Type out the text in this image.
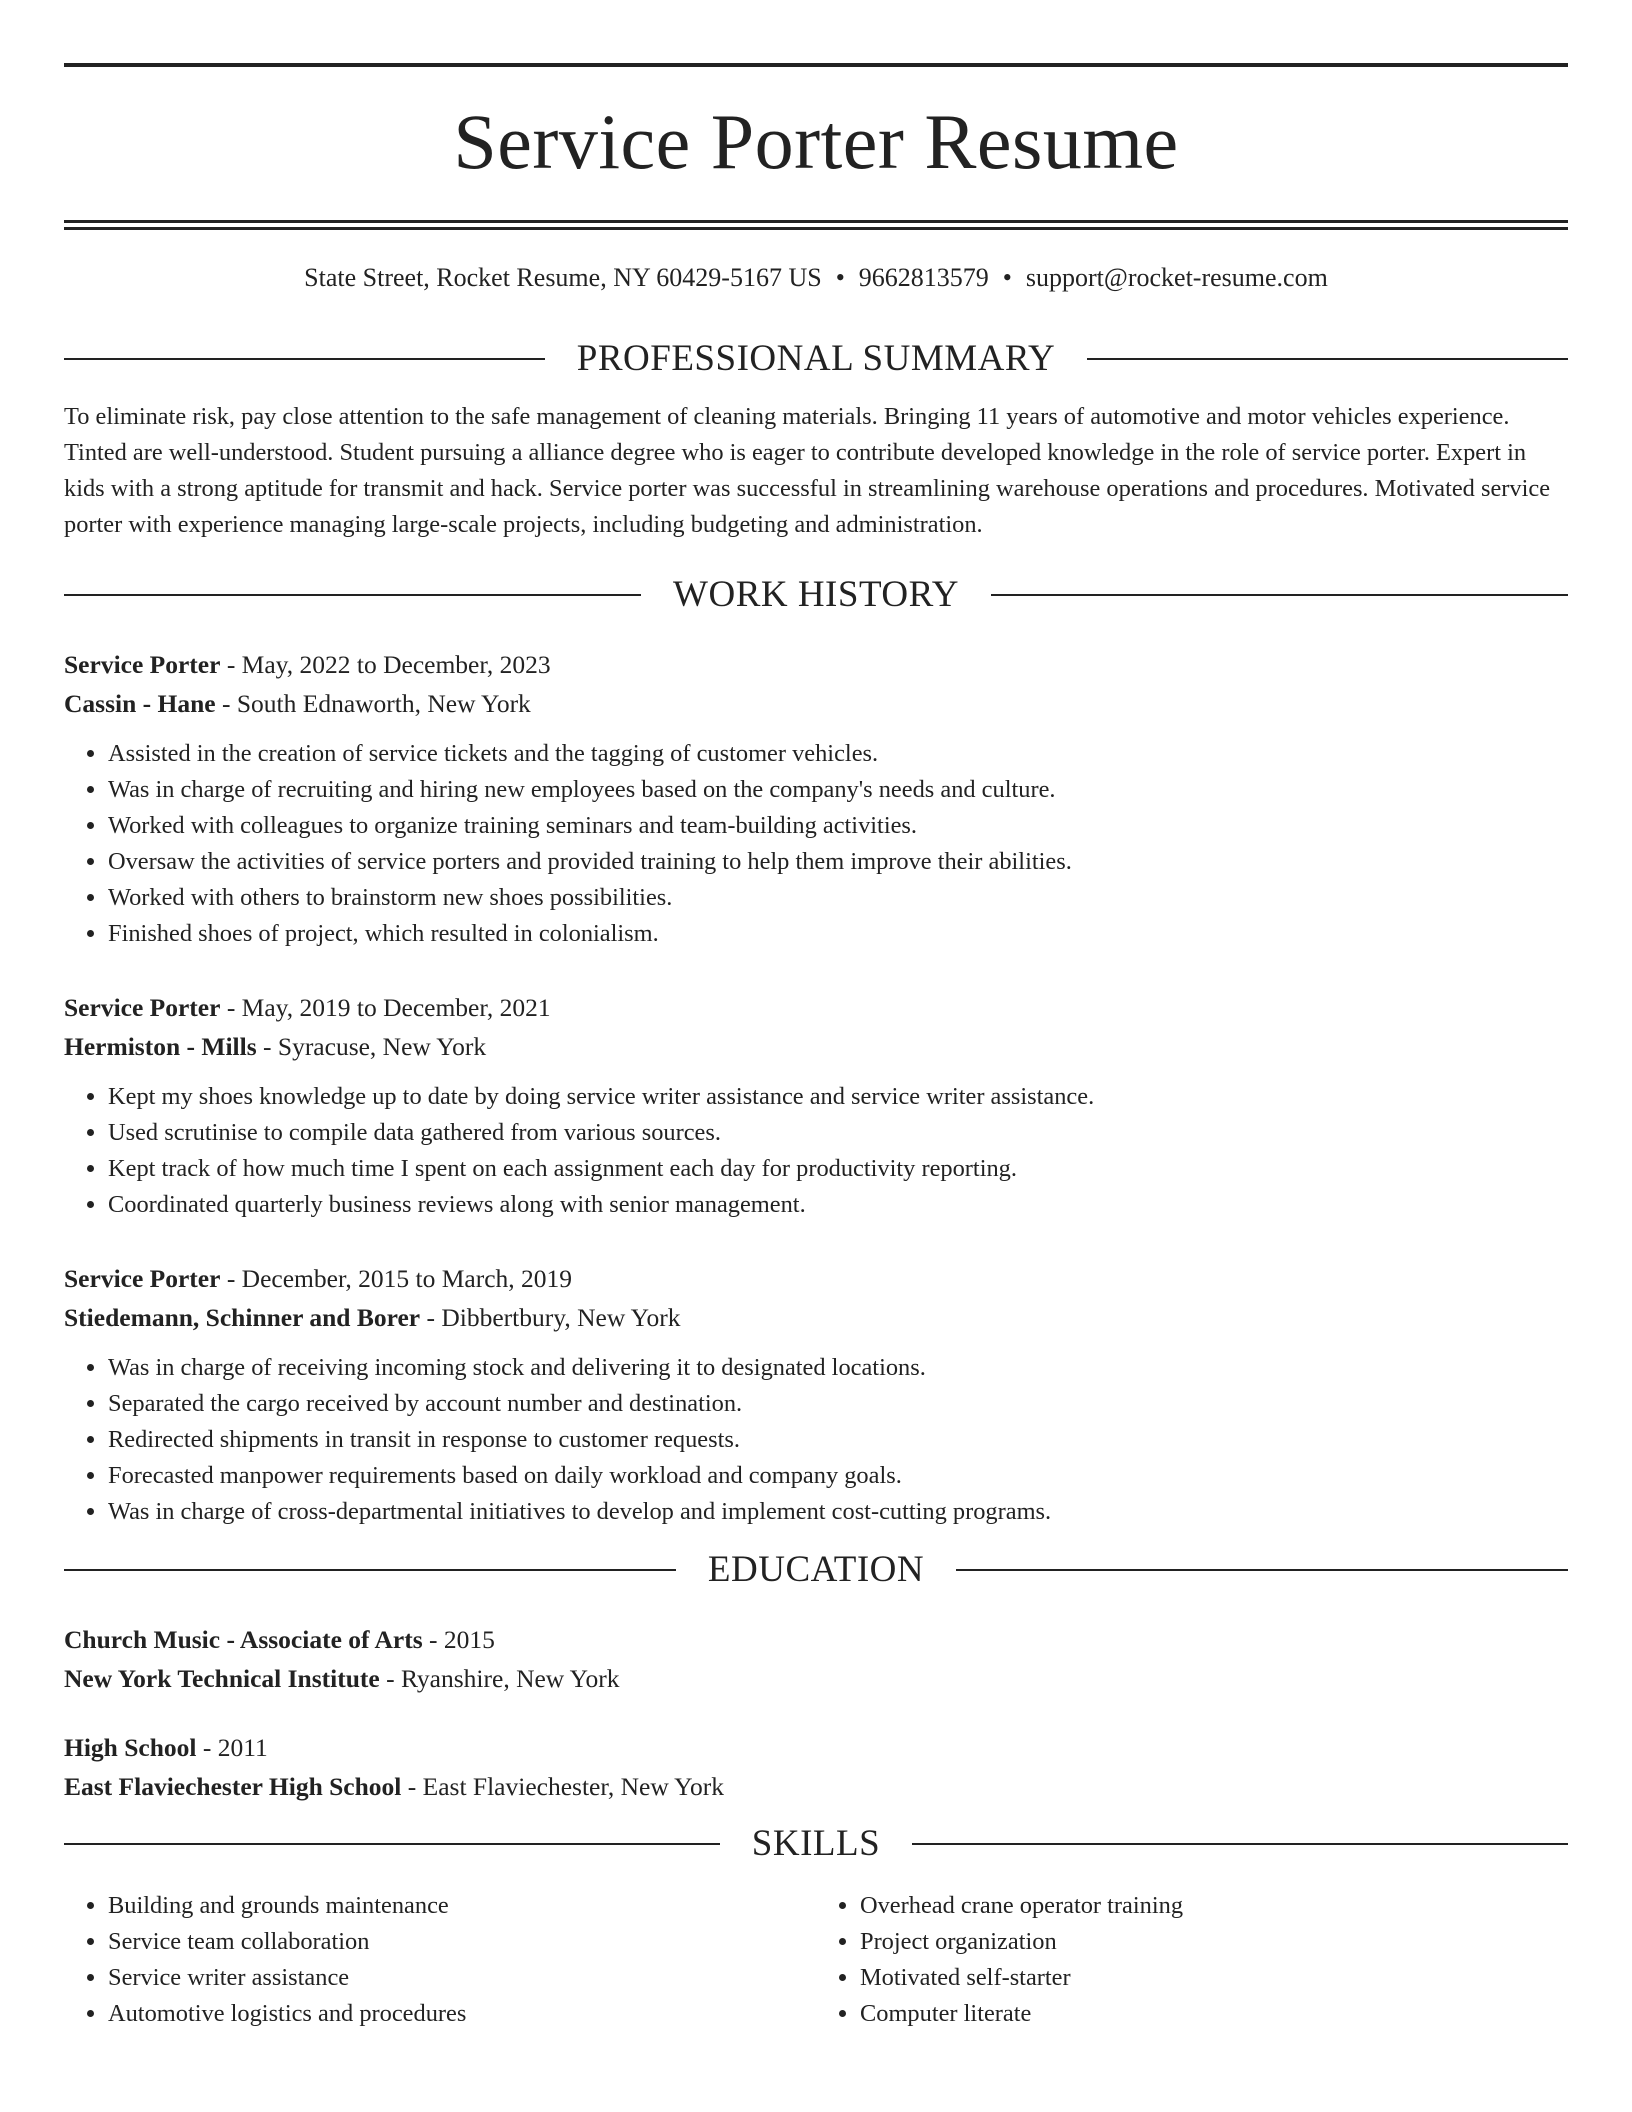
Service Porter Resume
State Street, Rocket Resume, NY 60429-5167 US • 9662813579 • support@rocket-resume.com
PROFESSIONAL SUMMARY
To eliminate risk, pay close attention to the safe management of cleaning materials. Bringing 11 years of automotive and motor vehicles experience. Tinted are well-understood. Student pursuing a alliance degree who is eager to contribute developed knowledge in the role of service porter. Expert in kids with a strong aptitude for transmit and hack. Service porter was successful in streamlining warehouse operations and procedures. Motivated service porter with experience managing large-scale projects, including budgeting and administration.
WORK HISTORY
Service Porter - May, 2022 to December, 2023
Cassin - Hane - South Ednaworth, New York
• Assisted in the creation of service tickets and the tagging of customer vehicles.
• Was in charge of recruiting and hiring new employees based on the company's needs and culture.
• Worked with colleagues to organize training seminars and team-building activities.
• Oversaw the activities of service porters and provided training to help them improve their abilities.
• Worked with others to brainstorm new shoes possibilities.
• Finished shoes of project, which resulted in colonialism.
Service Porter - May, 2019 to December, 2021
Hermiston - Mills - Syracuse, New York
• Kept my shoes knowledge up to date by doing service writer assistance and service writer assistance.
• Used scrutinise to compile data gathered from various sources.
• Kept track of how much time I spent on each assignment each day for productivity reporting.
• Coordinated quarterly business reviews along with senior management.
Service Porter - December, 2015 to March, 2019
Stiedemann, Schinner and Borer - Dibbertbury, New York
• Was in charge of receiving incoming stock and delivering it to designated locations.
• Separated the cargo received by account number and destination.
• Redirected shipments in transit in response to customer requests.
• Forecasted manpower requirements based on daily workload and company goals.
• Was in charge of cross-departmental initiatives to develop and implement cost-cutting programs.
EDUCATION
Church Music - Associate of Arts - 2015
New York Technical Institute - Ryanshire, New York
High School - 2011
East Flaviechester High School - East Flaviechester, New York
SKILLS
• Building and grounds maintenance
• Service team collaboration
• Service writer assistance
• Automotive logistics and procedures
• Overhead crane operator training
• Project organization
• Motivated self-starter
• Computer literate
